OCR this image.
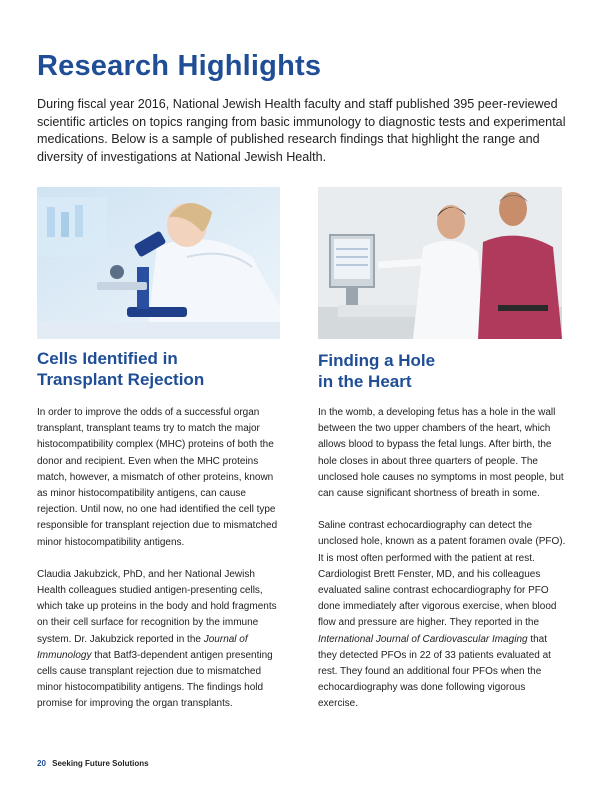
Research Highlights

During fiscal year 2016, National Jewish Health faculty and staff published 395 peer-reviewed scientific articles on topics ranging from basic immunology to diagnostic tests and experimental medications. Below is a sample of published research findings that highlight the range and diversity of investigations at National Jewish Health.

Cells Identified in
Transplant Rejection
Finding a Hole
in the Heart

In order to improve the odds of a successful organ transplant, transplant teams try to match the major histocompatibility complex (MHC) proteins of both the donor and recipient. Even when the MHC proteins match, however, a mismatch of other proteins, known as minor histocompatibility antigens, can cause rejection. Until now, no one had identified the cell type responsible for transplant rejection due to mismatched minor histocompatibility antigens.

Claudia Jakubzick, PhD, and her National Jewish Health colleagues studied antigen-presenting cells, which take up proteins in the body and hold fragments on their cell surface for recognition by the immune system. Dr. Jakubzick reported in the Journal of Immunology that Batf3-dependent antigen presenting cells cause transplant rejection due to mismatched minor histocompatibility antigens. The findings hold promise for improving the organ transplants.

In the womb, a developing fetus has a hole in the wall between the two upper chambers of the heart, which allows blood to bypass the fetal lungs. After birth, the hole closes in about three quarters of people. The unclosed hole causes no symptoms in most people, but can cause significant shortness of breath in some.

Saline contrast echocardiography can detect the unclosed hole, known as a patent foramen ovale (PFO). It is most often performed with the patient at rest. Cardiologist Brett Fenster, MD, and his colleagues evaluated saline contrast echocardiography for PFO done immediately after vigorous exercise, when blood flow and pressure are higher. They reported in the International Journal of Cardiovascular Imaging that they detected PFOs in 22 of 33 patients evaluated at rest. They found an additional four PFOs when the echocardiography was done following vigorous exercise.

20 Seeking Future Solutions
